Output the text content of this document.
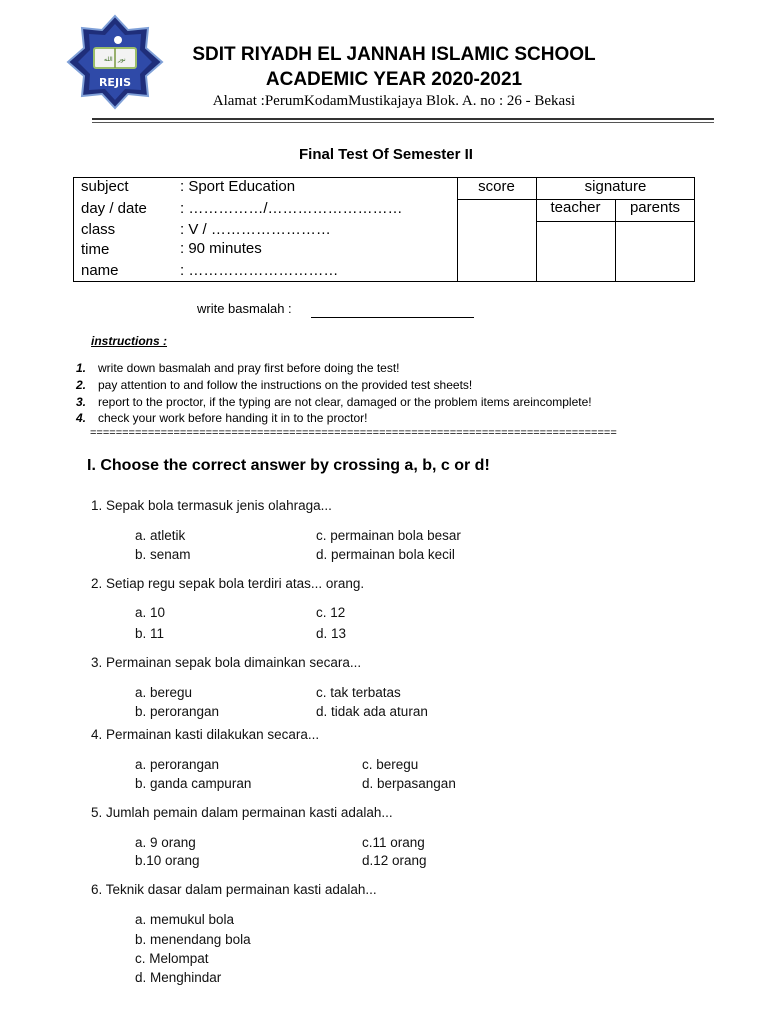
ﺍﻟﻠﻪ ﻧﻮﺭ
REJIS
SDIT RIYADH EL JANNAH ISLAMIC SCHOOL
ACADEMIC YEAR 2020-2021
Alamat :PerumKodamMustikajaya Blok. A. no : 26 - Bekasi
Final Test Of Semester II
subject	: Sport Education
day / date : ……………/………………………
class	: V / ……………………
time	: 90 minutes
name	: …………………………
score	signature
teacher	parents
write basmalah :
instructions :
1. write down basmalah and pray first before doing the test!
2. pay attention to and follow the instructions on the provided test sheets!
3. report to the proctor, if the typing are not clear, damaged or the problem items areincomplete!
4. check your work before handing it in to the proctor!
==================================================================================
I. Choose the correct answer by crossing a, b, c or d!
1. Sepak bola termasuk jenis olahraga...
a. atletik
b. senam
c. permainan bola besar
d. permainan bola kecil
2. Setiap regu sepak bola terdiri atas... orang.
a. 10
b. 11
c. 12
d. 13
3. Permainan sepak bola dimainkan secara...
a. beregu
b. perorangan
c. tak terbatas
d. tidak ada aturan
4. Permainan kasti dilakukan secara...
a. perorangan
b. ganda campuran
c. beregu
d. berpasangan
5. Jumlah pemain dalam permainan kasti adalah...
a. 9 orang
b.10 orang
c.11 orang
d.12 orang
6. Teknik dasar dalam permainan kasti adalah...
a. memukul bola
b. menendang bola
c. Melompat
d. Menghindar
